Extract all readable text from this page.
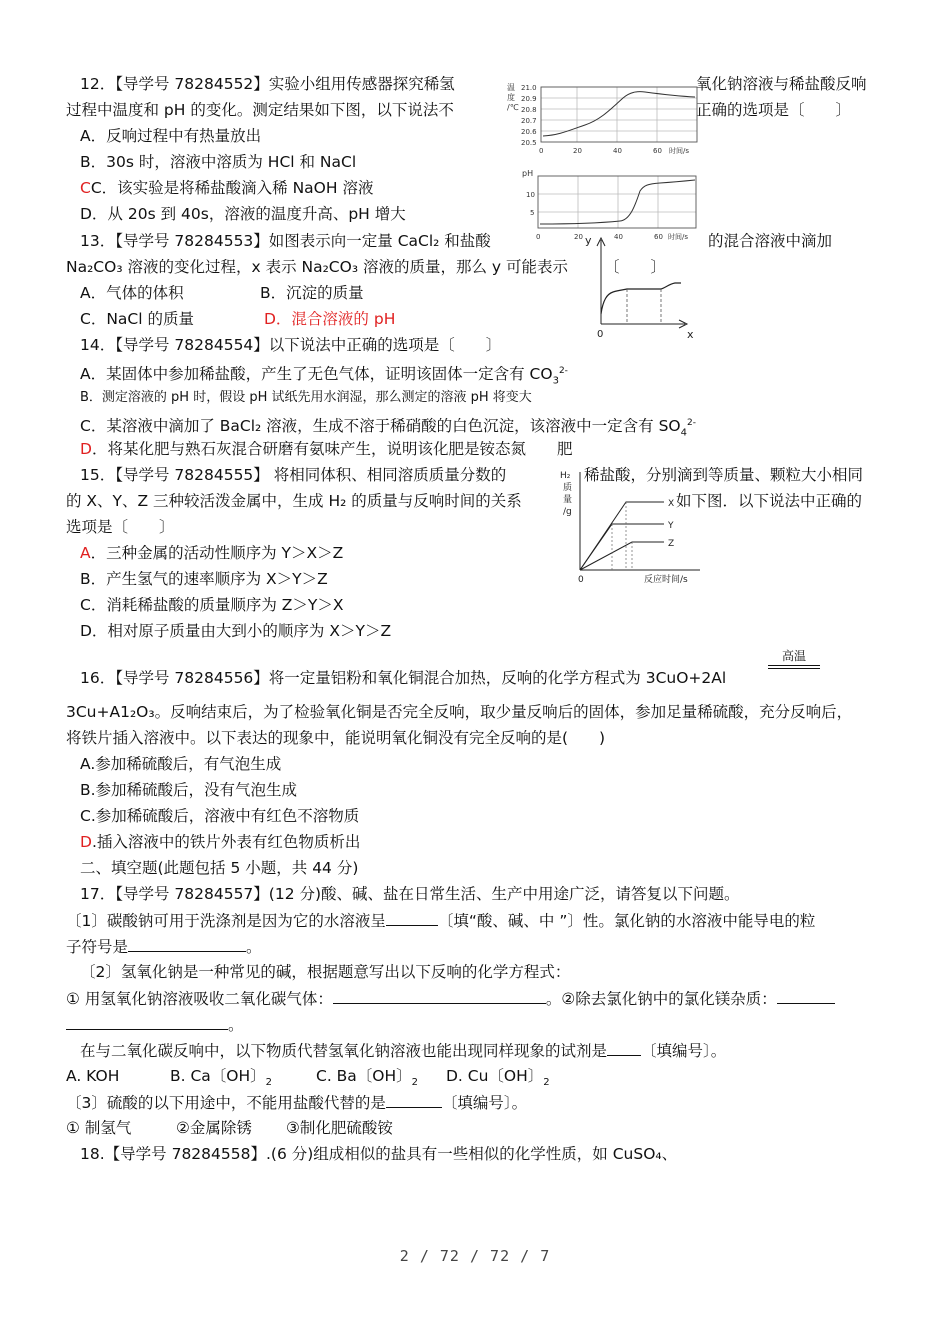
12．【导学号 78284552】实验小组用传感器探究稀氢	氧化钠溶液与稀盐酸反响
过程中温度和 pH 的变化。测定结果如下图，以下说法不	正确的选项是〔　　〕
A．反响过程中有热量放出
B．30s 时，溶液中溶质为 HCl 和 NaCl
CC．该实验是将稀盐酸滴入稀 NaOH 溶液
D．从 20s 到 40s，溶液的温度升高、pH 增大
温
度
/℃
21.0
20.9
20.8
20.7
20.6
20.5
0	20	40	60 时间/s
pH
10
5
0	20	40	60 时间/s
13．【导学号 78284553】如图表示向一定量 CaCl₂ 和盐酸	的混合溶液中滴加
Na₂CO₃ 溶液的变化过程，x 表示 Na₂CO₃ 溶液的质量，那么 y 可能表示 〔　　〕
A．气体的体积	B．沉淀的质量
C．NaCl 的质量	D．混合溶液的 pH
y
0	x
14．【导学号 78284554】以下说法中正确的选项是〔　　〕
A．某固体中参加稀盐酸，产生了无色气体，证明该固体一定含有 $CO_3^{2-}$
B．测定溶液的 pH 时，假设 pH 试纸先用水润湿，那么测定的溶液 pH 将变大
C．某溶液中滴加了 BaCl₂ 溶液，生成不溶于稀硝酸的白色沉淀，该溶液中一定含有 $SO_4^{2-}$
D．将某化肥与熟石灰混合研磨有氨味产生，说明该化肥是铵态氮　　肥
15．【导学号 78284555】 将相同体积、相同溶质质量分数的	稀盐酸，分别滴到等质量、颗粒大小相同
的 X、Y、Z 三种较活泼金属中，生成 H₂ 的质量与反响时间的关系	如下图．以下说法中正确的
选项是〔　　〕
A．三种金属的活动性顺序为 Y＞X＞Z
B．产生氢气的速率顺序为 X＞Y＞Z
C．消耗稀盐酸的质量顺序为 Z＞Y＞X
D．相对原子质量由大到小的顺序为 X＞Y＞Z
H₂
质
量
/g
X
Y
Z
0	反应时间/s
16．【导学号 78284556】将一定量铝粉和氧化铜混合加热，反响的化学方程式为 3CuO+2Al
高温
3Cu+A1₂O₃。反响结束后，为了检验氧化铜是否完全反响，取少量反响后的固体，参加足量稀硫酸，充分反响后，
将铁片插入溶液中。以下表达的现象中，能说明氧化铜没有完全反响的是(　　)
A.参加稀硫酸后，有气泡生成
B.参加稀硫酸后，没有气泡生成
C.参加稀硫酸后，溶液中有红色不溶物质
D.插入溶液中的铁片外表有红色物质析出
二、填空题(此题包括 5 小题，共 44 分)
17．【导学号 78284557】(12 分)酸、碱、盐在日常生活、生产中用途广泛，请答复以下问题。
〔1〕碳酸钠可用于洗涤剂是因为它的水溶液呈	〔填“酸、碱、中 ”〕性。氯化钠的水溶液中能导电的粒
子符号是	。
〔2〕氢氧化钠是一种常见的碱，根据题意写出以下反响的化学方程式：
① 用氢氧化钠溶液吸收二氧化碳气体：	。②除去氯化钠中的氯化镁杂质：
。
在与二氧化碳反响中，以下物质代替氢氧化钠溶液也能出现同样现象的试剂是 〔填编号〕。
A. KOH	B. Ca〔OH〕$_2$	C. Ba〔OH〕$_2$ D. Cu〔OH〕$_2$
〔3〕硫酸的以下用途中，不能用盐酸代替的是	〔填编号〕。
① 制氢气	②金属除锈 ③制化肥硫酸铵
18.【导学号 78284558】.(6 分)组成相似的盐具有一些相似的化学性质，如 CuSO₄、
2 / 72 / 72 / 7
